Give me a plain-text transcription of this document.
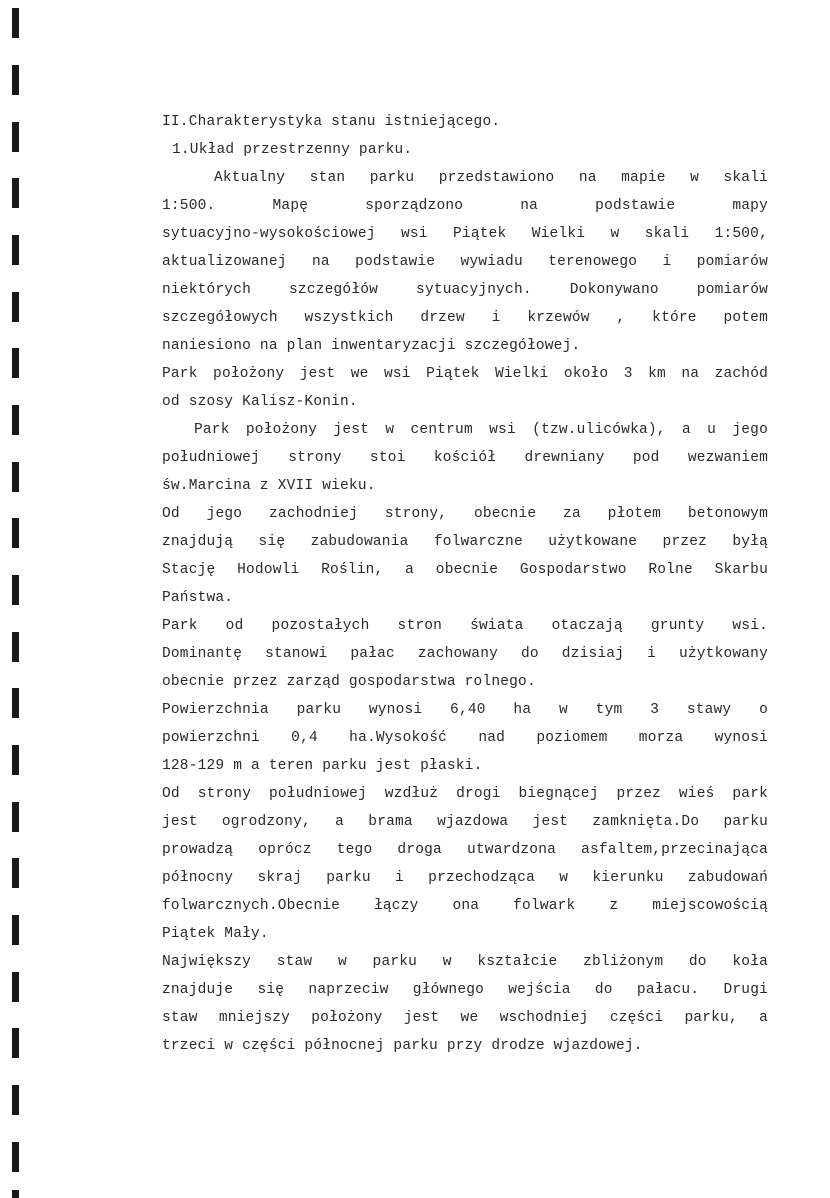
II.Charakterystyka stanu istniejącego.
1.Układ przestrzenny parku.
Aktualny stan parku przedstawiono na mapie w skali
1:500. Mapę sporządzono na podstawie mapy
sytuacyjno-wysokościowej wsi Piątek Wielki w skali 1:500,
aktualizowanej na podstawie wywiadu terenowego i pomiarów
niektórych szczegółów sytuacyjnych. Dokonywano pomiarów
szczegółowych wszystkich drzew i krzewów , które potem
naniesiono na plan inwentaryzacji szczegółowej.
Park położony jest we wsi Piątek Wielki około 3 km na zachód
od szosy Kalisz-Konin.
Park położony jest w centrum wsi (tzw.ulicówka), a u jego
południowej strony stoi kościół drewniany pod wezwaniem
św.Marcina z XVII wieku.
Od jego zachodniej strony, obecnie za płotem betonowym
znajdują się zabudowania folwarczne użytkowane przez byłą
Stację Hodowli Roślin, a obecnie Gospodarstwo Rolne Skarbu
Państwa.
Park od pozostałych stron świata otaczają grunty wsi.
Dominantę stanowi pałac zachowany do dzisiaj i użytkowany
obecnie przez zarząd gospodarstwa rolnego.
Powierzchnia parku wynosi 6,40 ha w tym 3 stawy o
powierzchni 0,4 ha.Wysokość nad poziomem morza wynosi
128-129 m a teren parku jest płaski.
Od strony południowej wzdłuż drogi biegnącej przez wieś park
jest ogrodzony, a brama wjazdowa jest zamknięta.Do parku
prowadzą oprócz tego droga utwardzona asfaltem,przecinająca
północny skraj parku i przechodząca w kierunku zabudowań
folwarcznych.Obecnie łączy ona folwark z miejscowością
Piątek Mały.
Największy staw w parku w kształcie zbliżonym do koła
znajduje się naprzeciw głównego wejścia do pałacu. Drugi
staw mniejszy położony jest we wschodniej części parku, a
trzeci w części północnej parku przy drodze wjazdowej.
